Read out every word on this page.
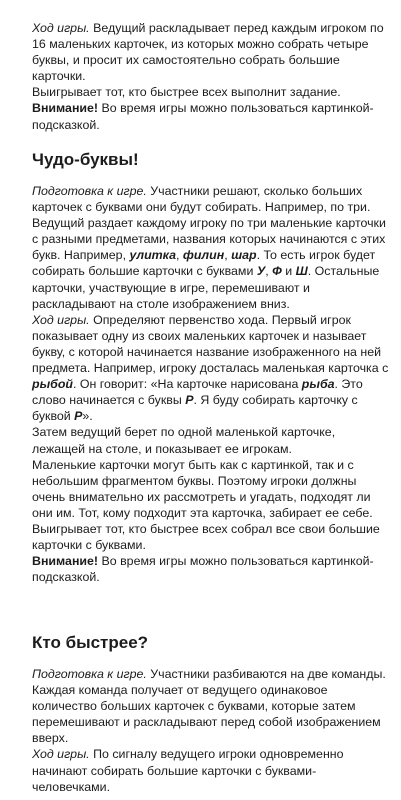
Ход игры. Ведущий раскладывает перед каждым игроком по 16 маленьких карточек, из которых можно собрать четыре буквы, и просит их самостоятельно собрать большие карточки.

Выигрывает тот, кто быстрее всех выполнит задание.

Внимание! Во время игры можно пользоваться картинкой-подсказкой.

Чудо-буквы!

Подготовка к игре. Участники решают, сколько больших карточек с буквами они будут собирать. Например, по три. Ведущий раздает каждому игроку по три маленькие карточки с разными предметами, названия которых начинаются с этих букв. Например, улитка, филин, шар. То есть игрок будет собирать большие карточки с буквами У, Ф и Ш. Остальные карточки, участвующие в игре, перемешивают и раскладывают на столе изображением вниз.

Ход игры. Определяют первенство хода. Первый игрок показывает одну из своих маленьких карточек и называет букву, с которой начинается название изображенного на ней предмета. Например, игроку досталась маленькая карточка с рыбой. Он говорит: «На карточке нарисована рыба. Это слово начинается с буквы Р. Я буду собирать карточку с буквой Р».

Затем ведущий берет по одной маленькой карточке, лежащей на столе, и показывает ее игрокам.

Маленькие карточки могут быть как с картинкой, так и с небольшим фрагментом буквы. Поэтому игроки должны очень внимательно их рассмотреть и угадать, подходят ли они им. Тот, кому подходит эта карточка, забирает ее себе.

Выигрывает тот, кто быстрее всех собрал все свои большие карточки с буквами.

Внимание! Во время игры можно пользоваться картинкой-подсказкой.

Кто быстрее?

Подготовка к игре. Участники разбиваются на две команды. Каждая команда получает от ведущего одинаковое количество больших карточек с буквами, которые затем перемешивают и раскладывают перед собой изображением вверх.

Ход игры. По сигналу ведущего игроки одновременно начинают собирать большие карточки с буквами-человечками.
